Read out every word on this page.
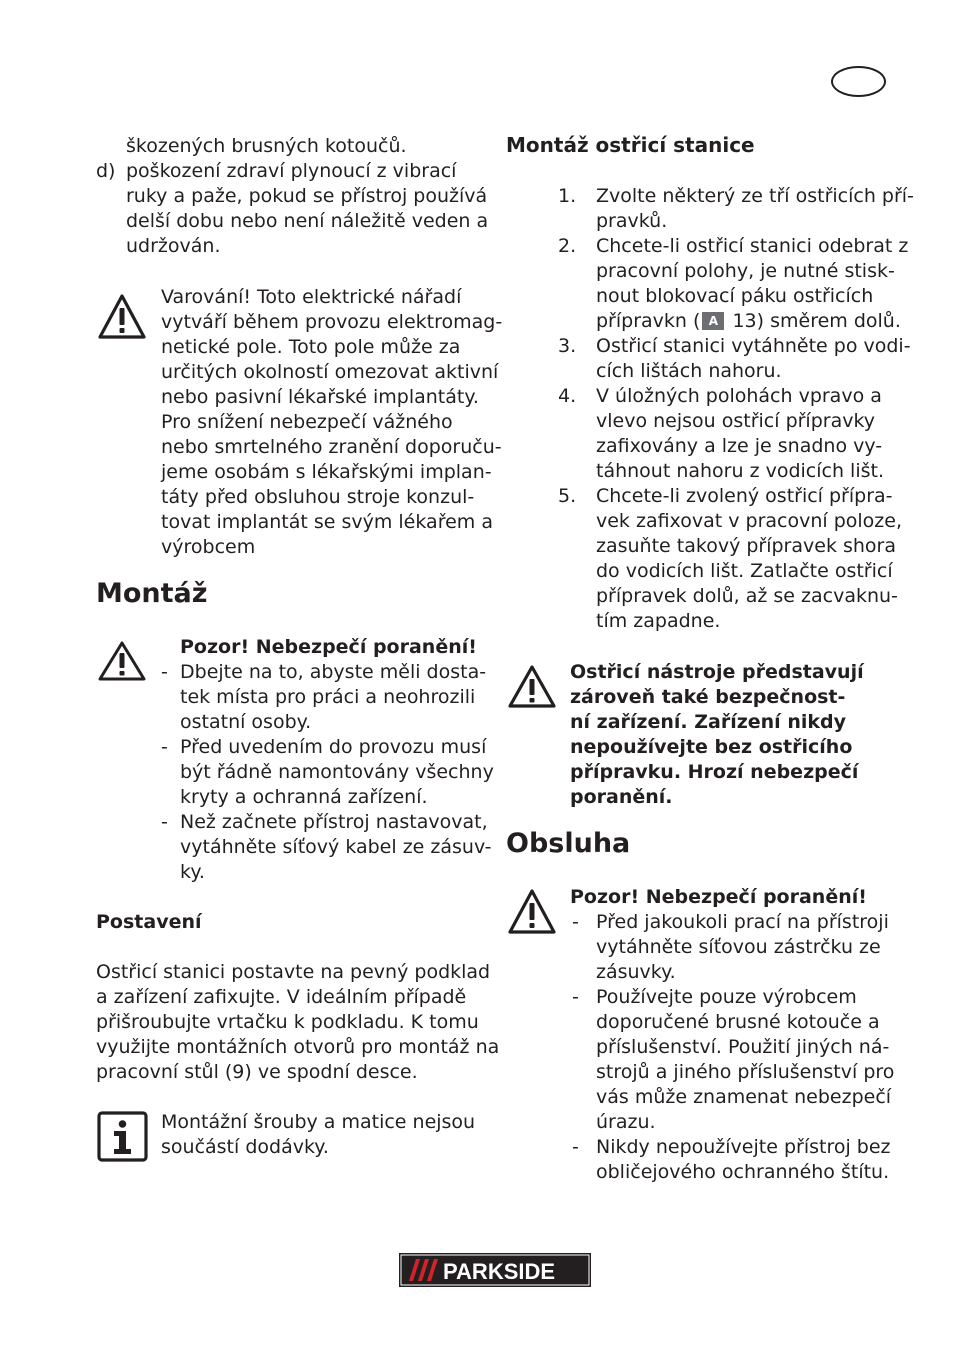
škozených brusných kotoučů.
d) poškození zdraví plynoucí z vibrací
ruky a paže, pokud se přístroj používá
delší dobu nebo není náležitě veden a
udržován.
Varování! Toto elektrické nářadí
vytváří během provozu elektromag-
netické pole. Toto pole může za
určitých okolností omezovat aktivní
nebo pasivní lékařské implantáty.
Pro snížení nebezpečí vážného
nebo smrtelného zranění doporuču-
jeme osobám s lékařskými implan-
táty před obsluhou stroje konzul-
tovat implantát se svým lékařem a
výrobcem
Montáž
Pozor! Nebezpečí poranění!
- Dbejte na to, abyste měli dosta-
tek místa pro práci a neohrozili
ostatní osoby.
- Před uvedením do provozu musí
být řádně namontovány všechny
kryty a ochranná zařízení.
- Než začnete přístroj nastavovat,
vytáhněte síťový kabel ze zásuv-
ky.
Postavení
Ostřicí stanici postavte na pevný podklad
a zařízení zafixujte. V ideálním případě
přišroubujte vrtačku k podkladu. K tomu
využijte montážních otvorů pro montáž na
pracovní stůl (9) ve spodní desce.
Montážní šrouby a matice nejsou
součástí dodávky.
Montáž ostřicí stanice
1. Zvolte některý ze tří ostřicích pří-
pravků.
2. Chcete-li ostřicí stanici odebrat z
pracovní polohy, je nutné stisk-
nout blokovací páku ostřicích
přípravkn ( A 13) směrem dolů.
3. Ostřicí stanici vytáhněte po vodi-
cích lištách nahoru.
4. V úložných polohách vpravo a
vlevo nejsou ostřicí přípravky
zafixovány a lze je snadno vy-
táhnout nahoru z vodicích lišt.
5. Chcete-li zvolený ostřicí přípra-
vek zafixovat v pracovní poloze,
zasuňte takový přípravek shora
do vodicích lišt. Zatlačte ostřicí
přípravek dolů, až se zacvaknu-
tím zapadne.
Ostřicí nástroje představují
zároveň také bezpečnost-
ní zařízení. Zařízení nikdy
nepoužívejte bez ostřicího
přípravku. Hrozí nebezpečí
poranění.
Obsluha
Pozor! Nebezpečí poranění!
- Před jakoukoli prací na přístroji
vytáhněte síťovou zástrčku ze
zásuvky.
- Používejte pouze výrobcem
doporučené brusné kotouče a
příslušenství. Použití jiných ná-
strojů a jiného příslušenství pro
vás může znamenat nebezpečí
úrazu.
- Nikdy nepoužívejte přístroj bez
obličejového ochranného štítu.
PARKSIDE
